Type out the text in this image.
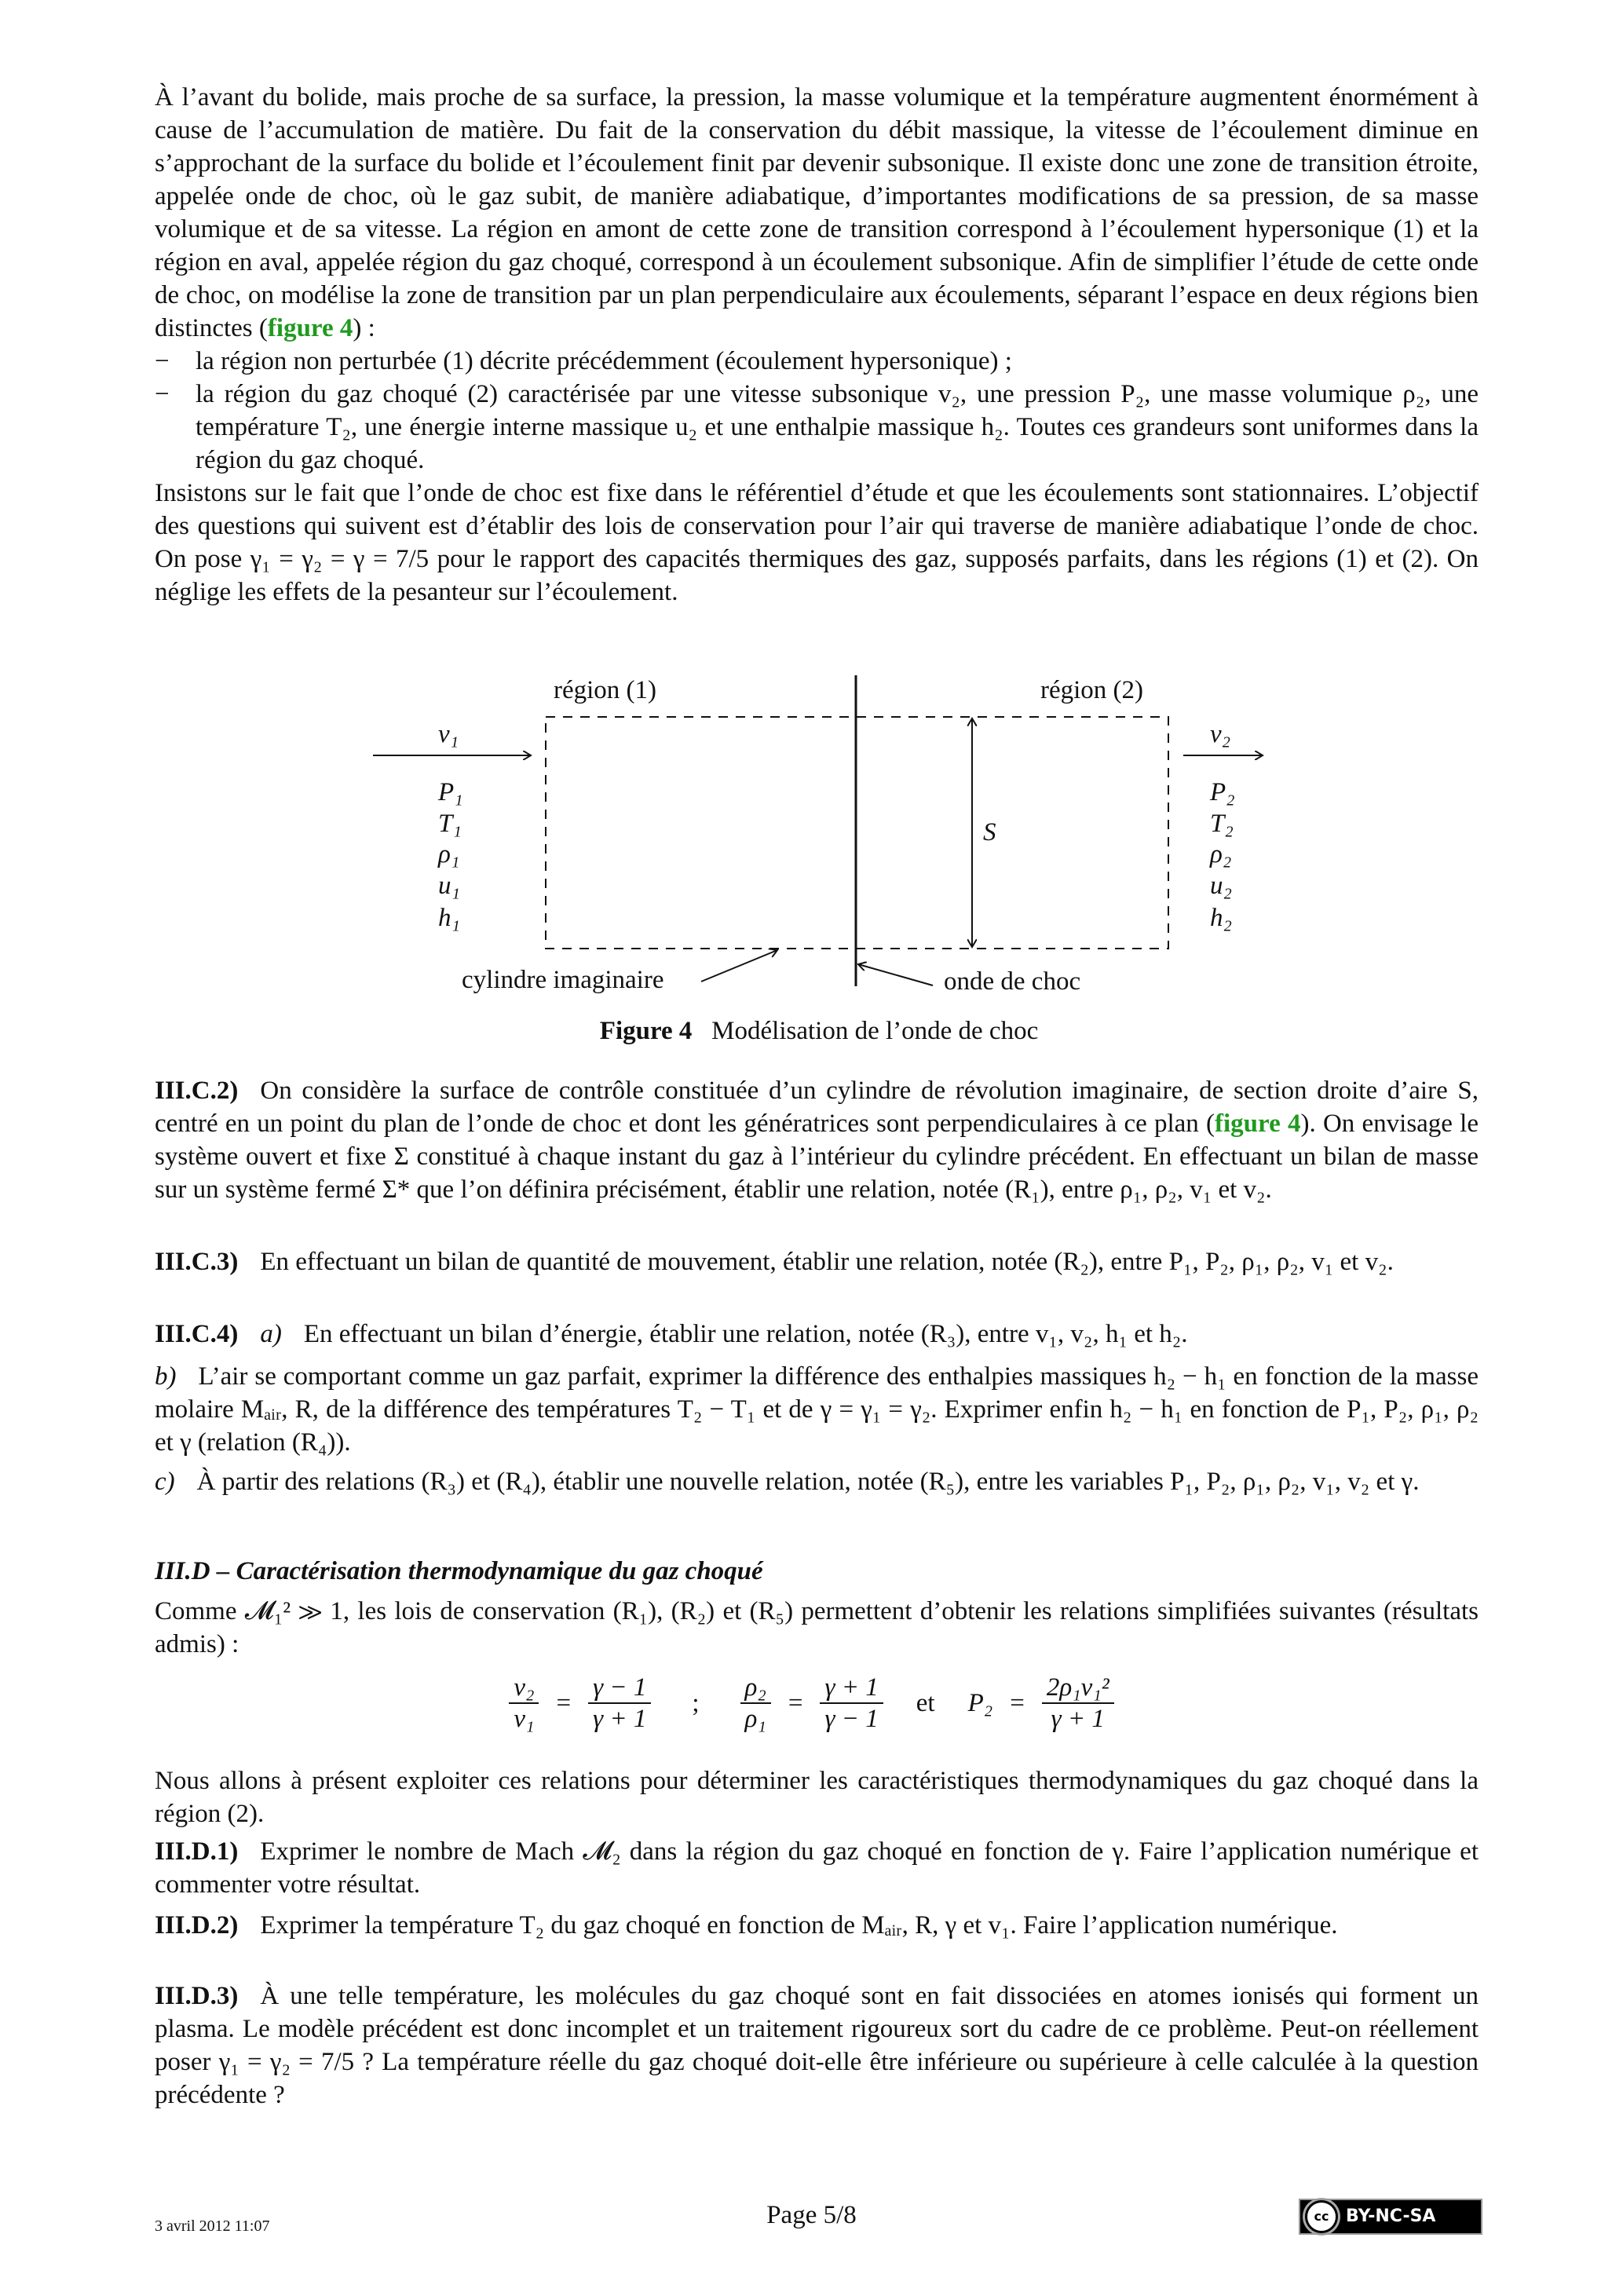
À l’avant du bolide, mais proche de sa surface, la pression, la masse volumique et la température augmentent énormément à cause de l’accumulation de matière. Du fait de la conservation du débit massique, la vitesse de l’écoulement diminue en s’approchant de la surface du bolide et l’écoulement finit par devenir subsonique. Il existe donc une zone de transition étroite, appelée onde de choc, où le gaz subit, de manière adiabatique, d’importantes modifications de sa pression, de sa masse volumique et de sa vitesse. La région en amont de cette zone de transition correspond à l’écoulement hypersonique (1) et la région en aval, appelée région du gaz choqué, correspond à un écoulement subsonique. Afin de simplifier l’étude de cette onde de choc, on modélise la zone de transition par un plan perpendiculaire aux écoulements, séparant l’espace en deux régions bien distinctes (figure 4) :

− la région non perturbée (1) décrite précédemment (écoulement hypersonique) ;
− la région du gaz choqué (2) caractérisée par une vitesse subsonique v₂, une pression P₂, une masse volumique ρ₂, une température T₂, une énergie interne massique u₂ et une enthalpie massique h₂. Toutes ces grandeurs sont uniformes dans la région du gaz choqué.

Insistons sur le fait que l’onde de choc est fixe dans le référentiel d’étude et que les écoulements sont stationnaires. L’objectif des questions qui suivent est d’établir des lois de conservation pour l’air qui traverse de manière adiabatique l’onde de choc. On pose γ₁ = γ₂ = γ = 7/5 pour le rapport des capacités thermiques des gaz, supposés parfaits, dans les régions (1) et (2). On néglige les effets de la pesanteur sur l’écoulement.

région (1)	région (2)
v₁	v₂
P₁
T₁
ρ₁
u₁
h₁
P₂
T₂
ρ₂
u₂
h₂
S
cylindre imaginaire	onde de choc
Figure 4 Modélisation de l’onde de choc
III.C.2) On considère la surface de contrôle constituée d’un cylindre de révolution imaginaire, de section droite d’aire S, centré en un point du plan de l’onde de choc et dont les génératrices sont perpendiculaires à ce plan (figure 4). On envisage le système ouvert et fixe Σ constitué à chaque instant du gaz à l’intérieur du cylindre précédent. En effectuant un bilan de masse sur un système fermé Σ* que l’on définira précisément, établir une relation, notée (R₁), entre ρ₁, ρ₂, v₁ et v₂.
III.C.3) En effectuant un bilan de quantité de mouvement, établir une relation, notée (R₂), entre P₁, P₂, ρ₁, ρ₂, v₁ et v₂.
III.C.4) a) En effectuant un bilan d’énergie, établir une relation, notée (R₃), entre v₁, v₂, h₁ et h₂.
b) L’air se comportant comme un gaz parfait, exprimer la différence des enthalpies massiques h₂ − h₁ en fonction de la masse molaire Mₐᵢᵣ, R, de la différence des températures T₂ − T₁ et de γ = γ₁ = γ₂. Exprimer enfin h₂ − h₁ en fonction de P₁, P₂, ρ₁, ρ₂ et γ (relation (R₄)).
c) À partir des relations (R₃) et (R₄), établir une nouvelle relation, notée (R₅), entre les variables P₁, P₂, ρ₁, ρ₂, v₁, v₂ et γ.
III.D – Caractérisation thermodynamique du gaz choqué
Comme 𝓜₁² ≫ 1, les lois de conservation (R₁), (R₂) et (R₅) permettent d’obtenir les relations simplifiées suivantes (résultats admis) :
$\frac{\text{v₂}}{\text{v₁}} = \frac{\gamma - 1}{\gamma + 1}$ ; $\frac{\text{ρ₂}}{\text{ρ₁}} = \frac{\gamma + 1}{\gamma - 1}$ et $P_2 = \frac{\text{2ρ₁v₁²}}{\gamma + 1}$
Nous allons à présent exploiter ces relations pour déterminer les caractéristiques thermodynamiques du gaz choqué dans la région (2).
III.D.1) Exprimer le nombre de Mach 𝓜₂ dans la région du gaz choqué en fonction de γ. Faire l’application numérique et commenter votre résultat.
III.D.2) Exprimer la température T₂ du gaz choqué en fonction de Mₐᵢᵣ, R, γ et v₁. Faire l’application numérique.
III.D.3) À une telle température, les molécules du gaz choqué sont en fait dissociées en atomes ionisés qui forment un plasma. Le modèle précédent est donc incomplet et un traitement rigoureux sort du cadre de ce problème. Peut-on réellement poser γ₁ = γ₂ = 7/5 ? La température réelle du gaz choqué doit-elle être inférieure ou supérieure à celle calculée à la question précédente ?
3 avril 2012 11:07	Page 5/8	cc BY-NC-SA
